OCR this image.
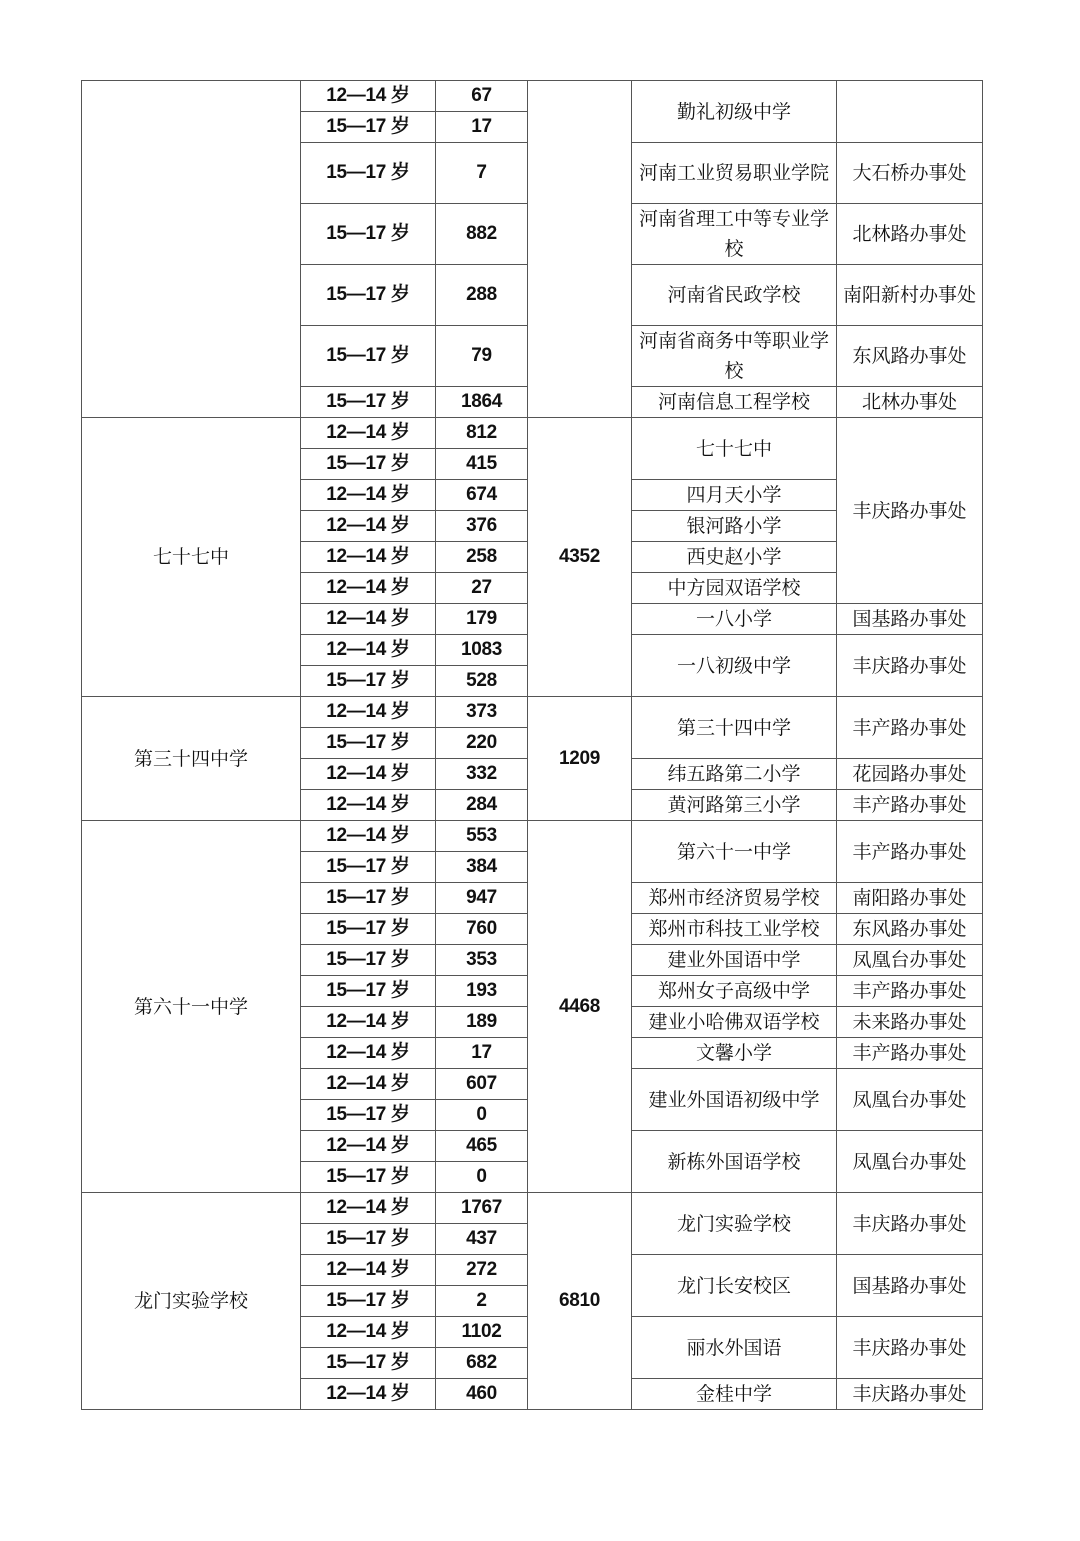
	12—14 岁	67		勤礼初级中学	
	15—17 岁	17			
	15—17 岁	7		河南工业贸易职业学院	大石桥办事处
	15—17 岁	882		河南省理工中等专业学校	北林路办事处
	15—17 岁	288		河南省民政学校	南阳新村办事处
	15—17 岁	79		河南省商务中等职业学校	东风路办事处
	15—17 岁	1864		河南信息工程学校	北林办事处
七十七中	12—14 岁	812	4352	七十七中	丰庆路办事处
	15—17 岁	415			
	12—14 岁	674		四月天小学	
	12—14 岁	376		银河路小学	
	12—14 岁	258		西史赵小学	
	12—14 岁	27		中方园双语学校	
	12—14 岁	179		一八小学	国基路办事处
	12—14 岁	1083		一八初级中学	丰庆路办事处
	15—17 岁	528			
第三十四中学	12—14 岁	373	1209	第三十四中学	丰产路办事处
	15—17 岁	220			
	12—14 岁	332		纬五路第二小学	花园路办事处
	12—14 岁	284		黄河路第三小学	丰产路办事处
第六十一中学	12—14 岁	553	4468	第六十一中学	丰产路办事处
	15—17 岁	384			
	15—17 岁	947		郑州市经济贸易学校	南阳路办事处
	15—17 岁	760		郑州市科技工业学校	东风路办事处
	15—17 岁	353		建业外国语中学	凤凰台办事处
	15—17 岁	193		郑州女子高级中学	丰产路办事处
	12—14 岁	189		建业小哈佛双语学校	未来路办事处
	12—14 岁	17		文馨小学	丰产路办事处
	12—14 岁	607		建业外国语初级中学	凤凰台办事处
	15—17 岁	0			
	12—14 岁	465		新栋外国语学校	凤凰台办事处
	15—17 岁	0			
龙门实验学校	12—14 岁	1767	6810	龙门实验学校	丰庆路办事处
	15—17 岁	437			
	12—14 岁	272		龙门长安校区	国基路办事处
	15—17 岁	2			
	12—14 岁	1102		丽水外国语	丰庆路办事处
	15—17 岁	682			
	12—14 岁	460		金桂中学	丰庆路办事处
